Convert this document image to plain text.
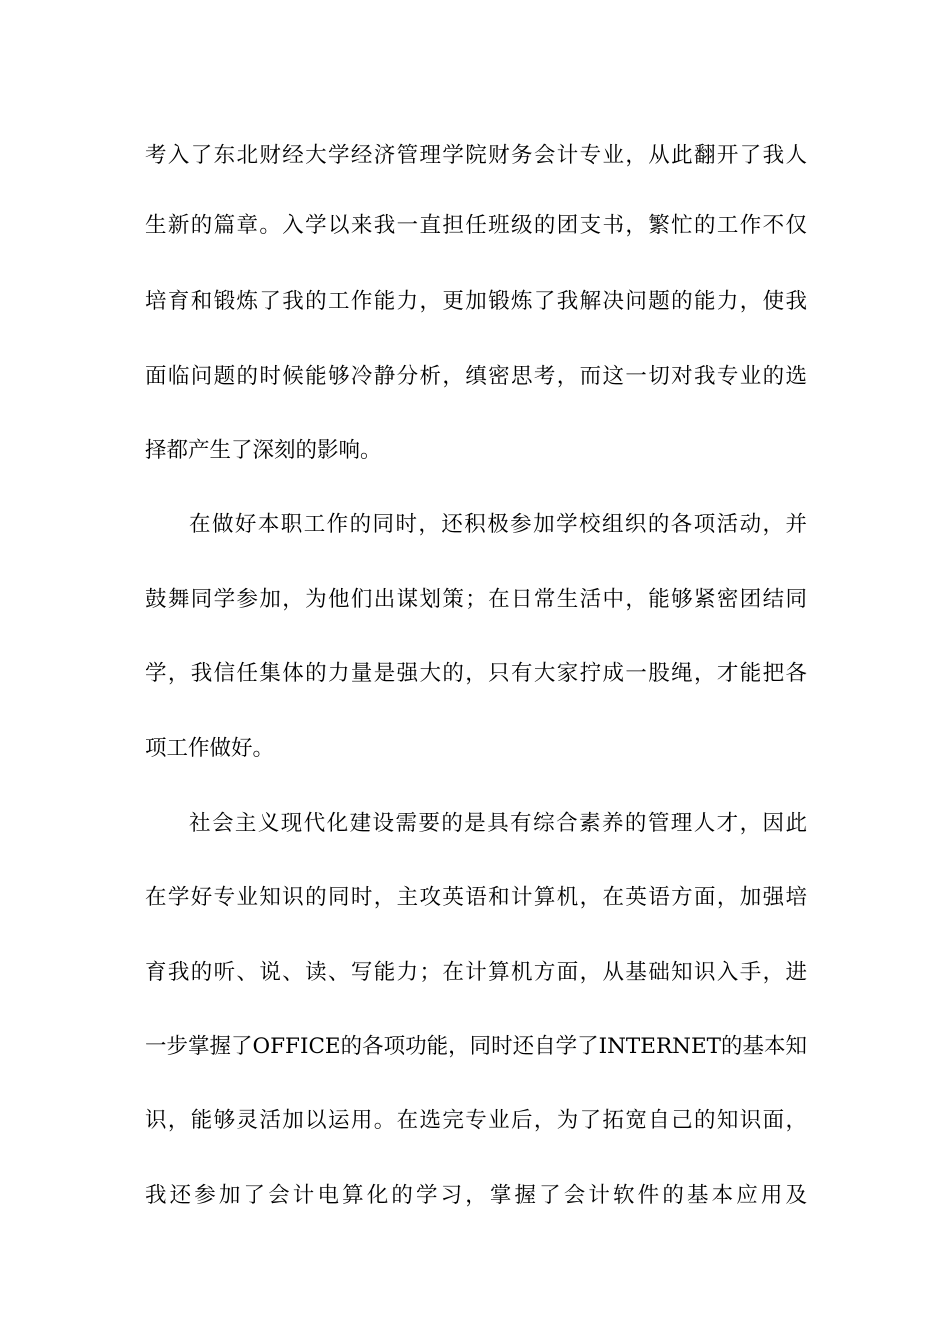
考入了东北财经大学经济管理学院财务会计专业，从此翻开了我人
生新的篇章。入学以来我一直担任班级的团支书，繁忙的工作不仅
培育和锻炼了我的工作能力，更加锻炼了我解决问题的能力，使我
面临问题的时候能够冷静分析，缜密思考，而这一切对我专业的选
择都产生了深刻的影响。
在做好本职工作的同时，还积极参加学校组织的各项活动，并
鼓舞同学参加，为他们出谋划策；在日常生活中，能够紧密团结同
学，我信任集体的力量是强大的，只有大家拧成一股绳，才能把各
项工作做好。
社会主义现代化建设需要的是具有综合素养的管理人才，因此
在学好专业知识的同时，主攻英语和计算机，在英语方面，加强培
育我的听、说、读、写能力；在计算机方面，从基础知识入手，进
一步掌握了OFFICE的各项功能，同时还自学了INTERNET的基本知
识，能够灵活加以运用。在选完专业后，为了拓宽自己的知识面，
我还参加了会计电算化的学习，掌握了会计软件的基本应用及
